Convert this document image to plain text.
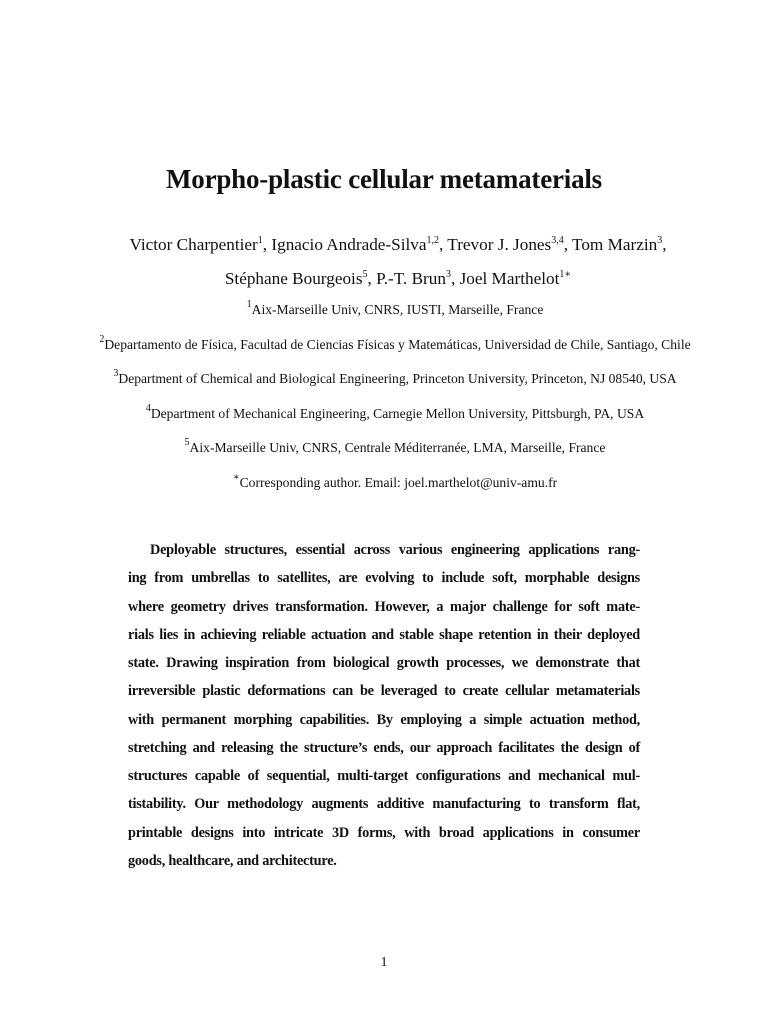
Morpho-plastic cellular metamaterials
Victor Charpentier$^1$, Ignacio Andrade-Silva$^{1,2}$, Trevor J. Jones$^{3,4}$, Tom Marzin$^3$,
Stéphane Bourgeois$^5$, P.-T. Brun$^3$, Joel Marthelot$^{1∗}$
$^1$Aix-Marseille Univ, CNRS, IUSTI, Marseille, France
$^2$Departamento de Física, Facultad de Ciencias Físicas y Matemáticas, Universidad de Chile, Santiago, Chile
$^3$Department of Chemical and Biological Engineering, Princeton University, Princeton, NJ 08540, USA
$^4$Department of Mechanical Engineering, Carnegie Mellon University, Pittsburgh, PA, USA
$^5$Aix-Marseille Univ, CNRS, Centrale Méditerranée, LMA, Marseille, France
∗Corresponding author. Email: joel.marthelot@univ-amu.fr
Deployable structures, essential across various engineering applications rang-
ing from umbrellas to satellites, are evolving to include soft, morphable designs
where geometry drives transformation. However, a major challenge for soft mate-
rials lies in achieving reliable actuation and stable shape retention in their deployed
state. Drawing inspiration from biological growth processes, we demonstrate that
irreversible plastic deformations can be leveraged to create cellular metamaterials
with permanent morphing capabilities. By employing a simple actuation method,
stretching and releasing the structure’s ends, our approach facilitates the design of
structures capable of sequential, multi-target configurations and mechanical mul-
tistability. Our methodology augments additive manufacturing to transform flat,
printable designs into intricate 3D forms, with broad applications in consumer
goods, healthcare, and architecture.
1
